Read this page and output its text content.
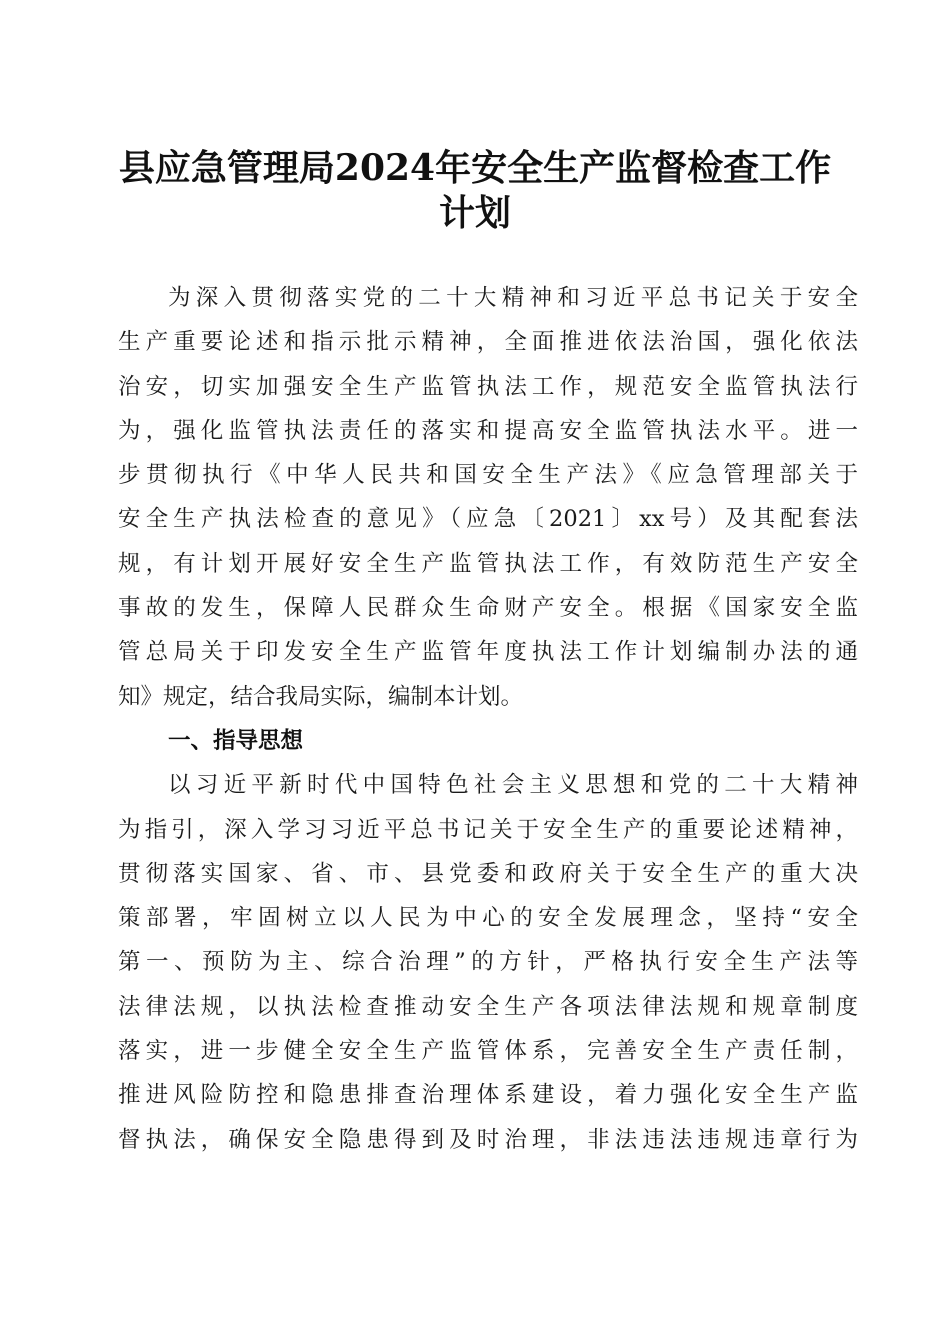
县应急管理局2024年安全生产监督检查工作
计划
为深入贯彻落实党的二十大精神和习近平总书记关于安全
生产重要论述和指示批示精神，全面推进依法治国，强化依法
治安，切实加强安全生产监管执法工作，规范安全监管执法行
为，强化监管执法责任的落实和提高安全监管执法水平。进一
步贯彻执行《中华人民共和国安全生产法》《应急管理部关于
安全生产执法检查的意见》（应急〔2021〕xx号）及其配套法
规，有计划开展好安全生产监管执法工作，有效防范生产安全
事故的发生，保障人民群众生命财产安全。根据《国家安全监
管总局关于印发安全生产监管年度执法工作计划编制办法的通
知》规定，结合我局实际，编制本计划。
一、指导思想
以习近平新时代中国特色社会主义思想和党的二十大精神
为指引，深入学习习近平总书记关于安全生产的重要论述精神，
贯彻落实国家、省、市、县党委和政府关于安全生产的重大决
策部署，牢固树立以人民为中心的安全发展理念，坚持“安全
第一、预防为主、综合治理”的方针，严格执行安全生产法等
法律法规，以执法检查推动安全生产各项法律法规和规章制度
落实，进一步健全安全生产监管体系，完善安全生产责任制，
推进风险防控和隐患排查治理体系建设，着力强化安全生产监
督执法，确保安全隐患得到及时治理，非法违法违规违章行为
